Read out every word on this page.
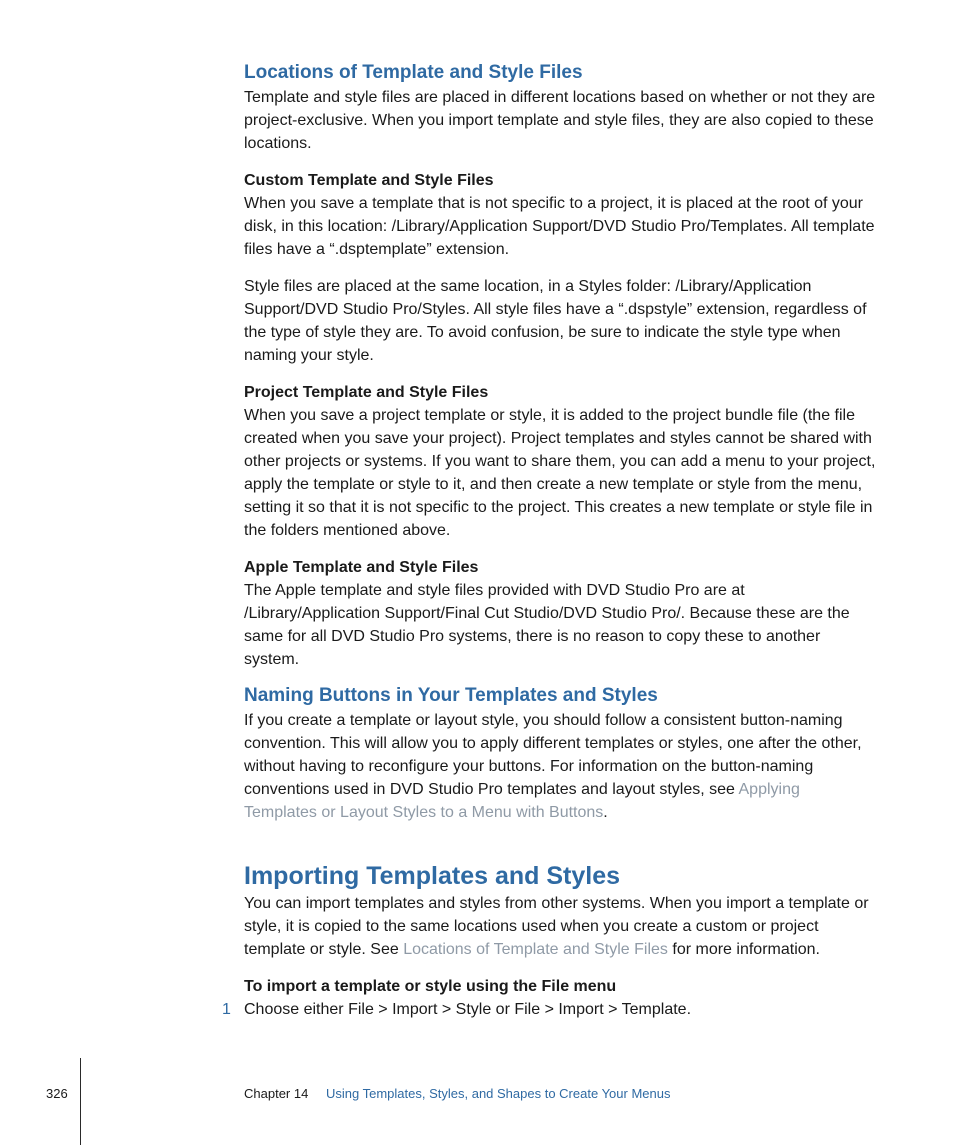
Locations of Template and Style Files

Template and style files are placed in different locations based on whether or not they are project-exclusive. When you import template and style files, they are also copied to these locations.

Custom Template and Style Files

When you save a template that is not specific to a project, it is placed at the root of your disk, in this location: /Library/Application Support/DVD Studio Pro/Templates. All template files have a “.dsptemplate” extension.

Style files are placed at the same location, in a Styles folder: /Library/Application Support/DVD Studio Pro/Styles. All style files have a “.dspstyle” extension, regardless of the type of style they are. To avoid confusion, be sure to indicate the style type when naming your style.

Project Template and Style Files

When you save a project template or style, it is added to the project bundle file (the file created when you save your project). Project templates and styles cannot be shared with other projects or systems. If you want to share them, you can add a menu to your project, apply the template or style to it, and then create a new template or style from the menu, setting it so that it is not specific to the project. This creates a new template or style file in the folders mentioned above.

Apple Template and Style Files

The Apple template and style files provided with DVD Studio Pro are at /Library/Application Support/Final Cut Studio/DVD Studio Pro/. Because these are the same for all DVD Studio Pro systems, there is no reason to copy these to another system.

Naming Buttons in Your Templates and Styles

If you create a template or layout style, you should follow a consistent button-naming convention. This will allow you to apply different templates or styles, one after the other, without having to reconfigure your buttons. For information on the button-naming conventions used in DVD Studio Pro templates and layout styles, see Applying Templates or Layout Styles to a Menu with Buttons.

Importing Templates and Styles

You can import templates and styles from other systems. When you import a template or style, it is copied to the same locations used when you create a custom or project template or style. See Locations of Template and Style Files for more information.

To import a template or style using the File menu
1 Choose either File > Import > Style or File > Import > Template.

326	Chapter 14 Using Templates, Styles, and Shapes to Create Your Menus
